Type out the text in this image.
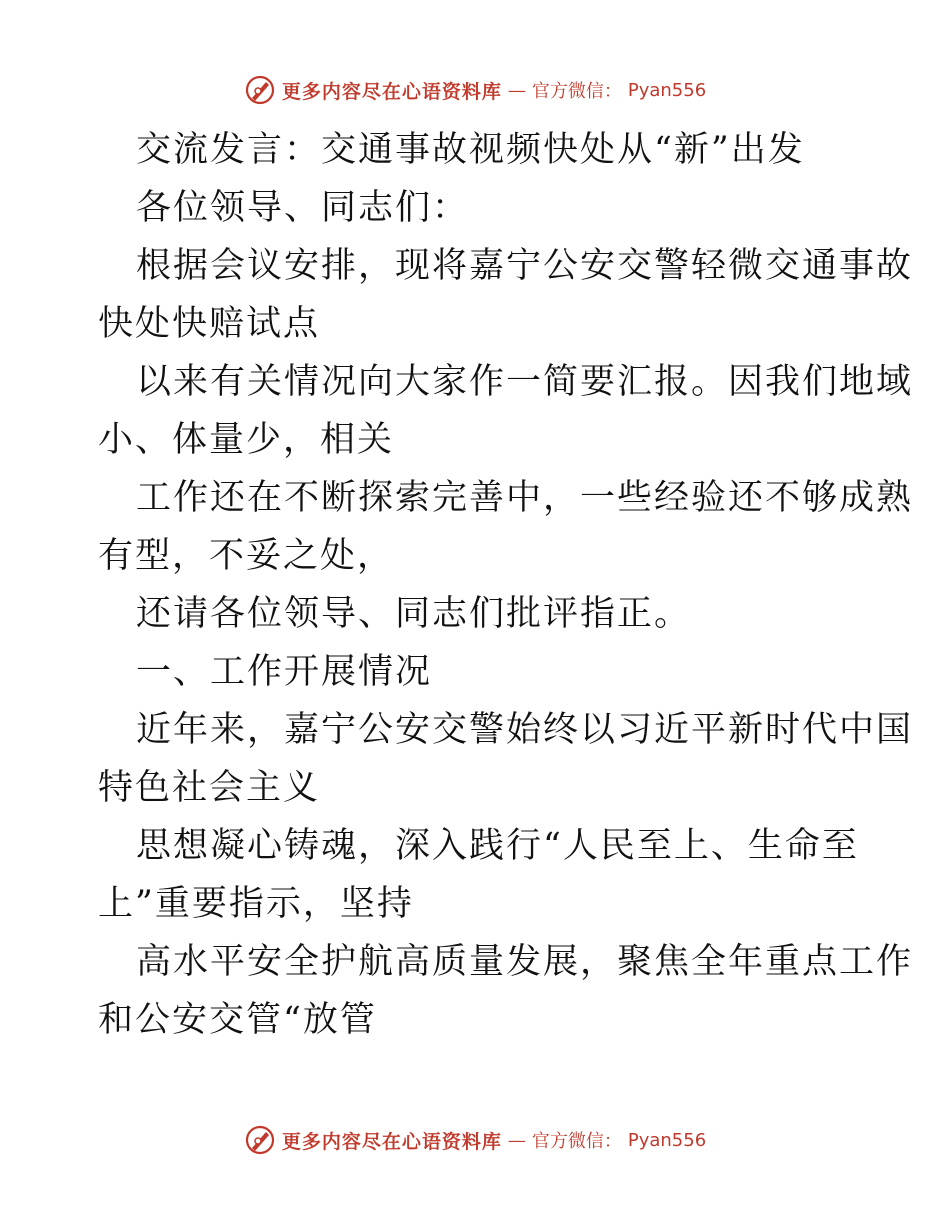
更多内容尽在心语资料库 — 官方微信： Pyan556
交流发言：交通事故视频快处从“新”出发
各位领导、同志们：
根据会议安排，现将嘉宁公安交警轻微交通事故
快处快赔试点
以来有关情况向大家作一简要汇报。因我们地域
小、体量少，相关
工作还在不断探索完善中，一些经验还不够成熟
有型，不妥之处，
还请各位领导、同志们批评指正。
一、工作开展情况
近年来，嘉宁公安交警始终以习近平新时代中国
特色社会主义
思想凝心铸魂，深入践行“人民至上、生命至
上”重要指示，坚持
高水平安全护航高质量发展，聚焦全年重点工作
和公安交管“放管
更多内容尽在心语资料库 — 官方微信： Pyan556
